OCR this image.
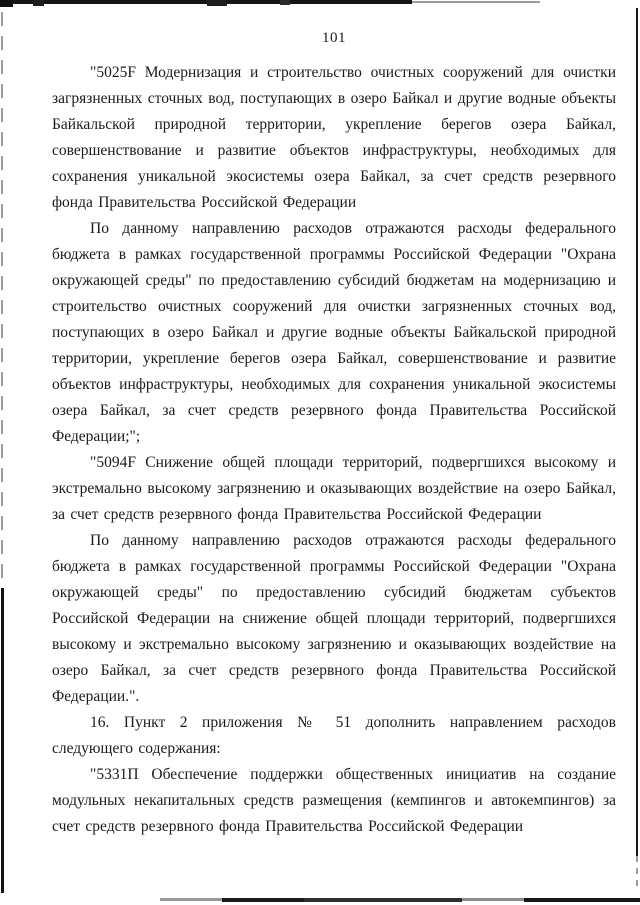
101

"5025F Модернизация и строительство очистных сооружений для очистки загрязненных сточных вод, поступающих в озеро Байкал и другие водные объекты Байкальской природной территории, укрепление берегов озера Байкал, совершенствование и развитие объектов инфраструктуры, необходимых для сохранения уникальной экосистемы озера Байкал, за счет средств резервного фонда Правительства Российской Федерации

По данному направлению расходов отражаются расходы федерального бюджета в рамках государственной программы Российской Федерации "Охрана окружающей среды" по предоставлению субсидий бюджетам на модернизацию и строительство очистных сооружений для очистки загрязненных сточных вод, поступающих в озеро Байкал и другие водные объекты Байкальской природной территории, укрепление берегов озера Байкал, совершенствование и развитие объектов инфраструктуры, необходимых для сохранения уникальной экосистемы озера Байкал, за счет средств резервного фонда Правительства Российской Федерации;";

"5094F Снижение общей площади территорий, подвергшихся высокому и экстремально высокому загрязнению и оказывающих воздействие на озеро Байкал, за счет средств резервного фонда Правительства Российской Федерации

По данному направлению расходов отражаются расходы федерального бюджета в рамках государственной программы Российской Федерации "Охрана окружающей среды" по предоставлению субсидий бюджетам субъектов Российской Федерации на снижение общей площади территорий, подвергшихся высокому и экстремально высокому загрязнению и оказывающих воздействие на озеро Байкал, за счет средств резервного фонда Правительства Российской Федерации.".

16. Пункт 2 приложения № 51 дополнить направлением расходов следующего содержания:

"5331П Обеспечение поддержки общественных инициатив на создание модульных некапитальных средств размещения (кемпингов и автокемпингов) за счет средств резервного фонда Правительства Российской Федерации
